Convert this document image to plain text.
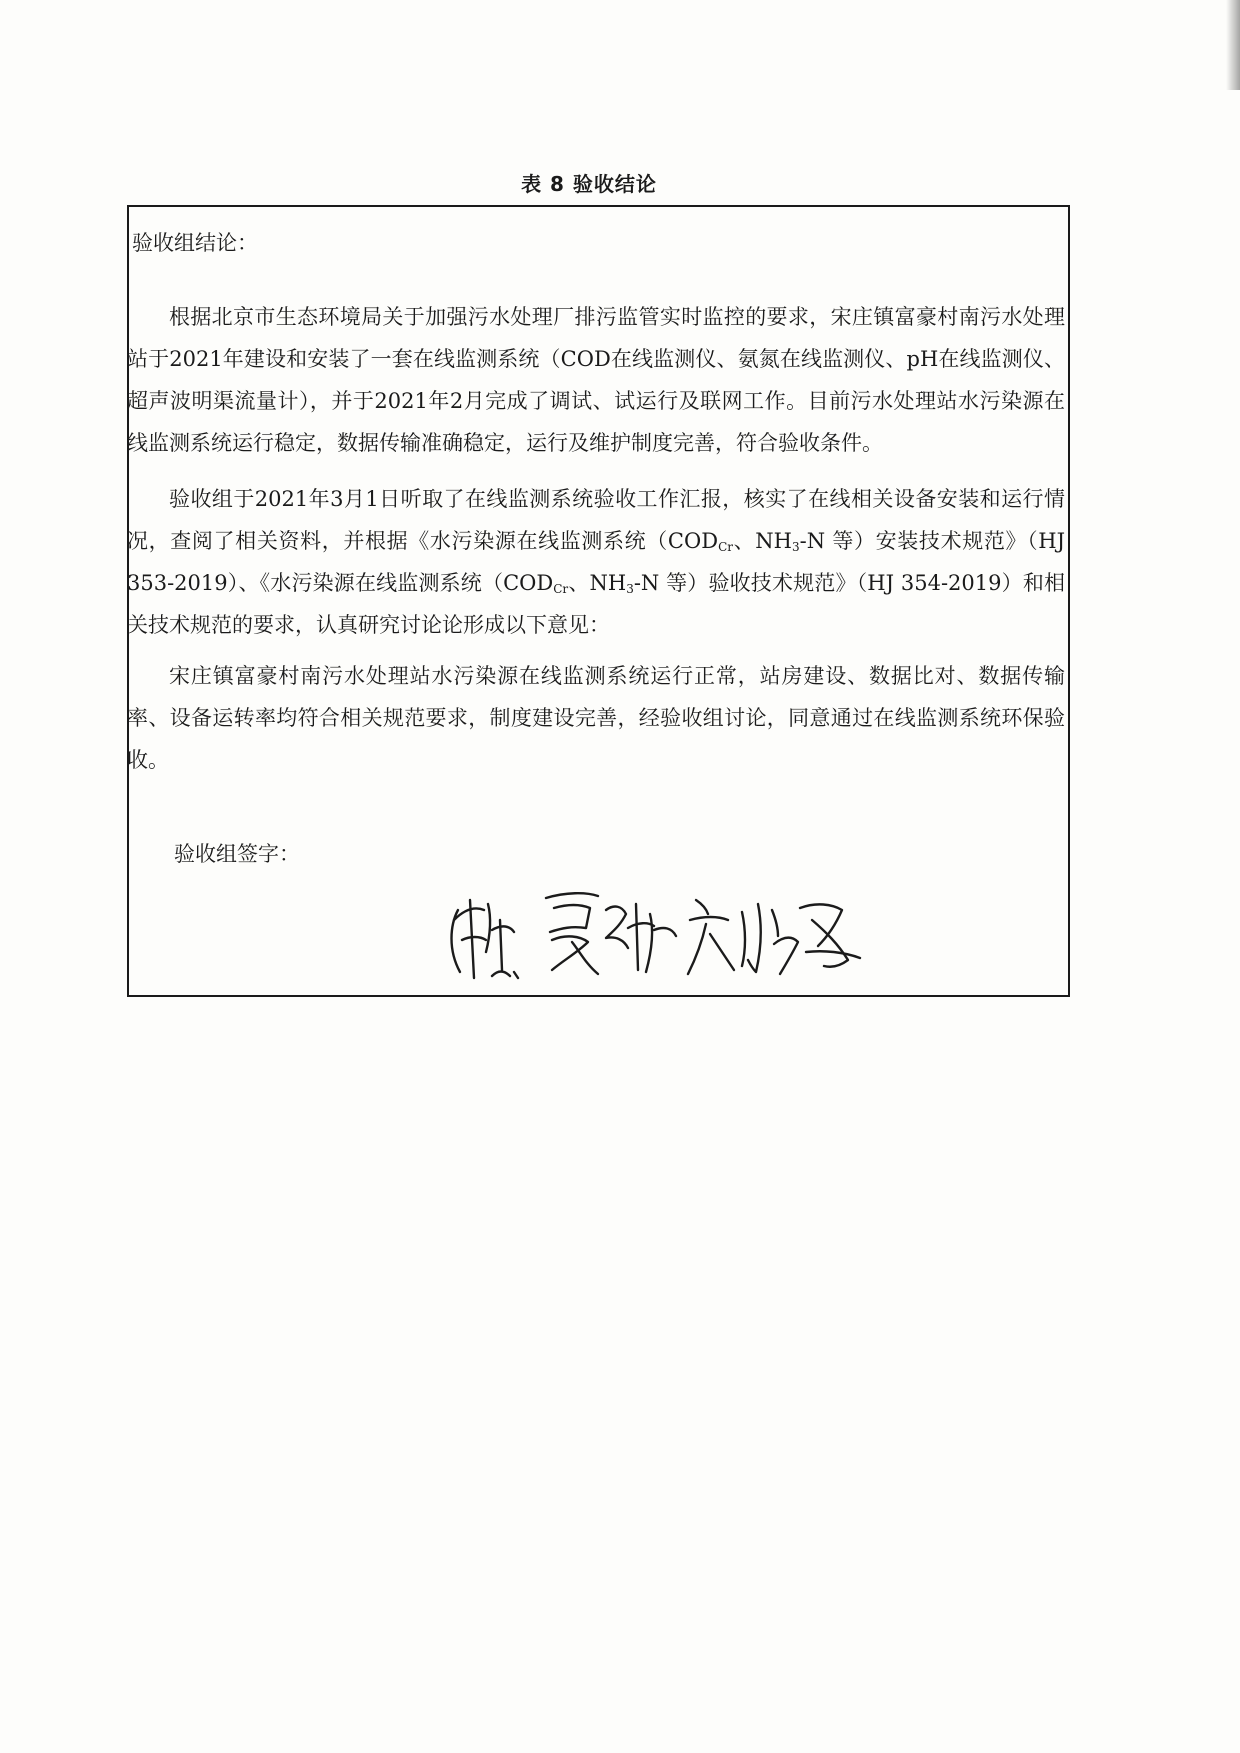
表 8 验收结论
验收组结论：

根据北京市生态环境局关于加强污水处理厂排污监管实时监控的要求，宋庄镇富豪村南污水处理站于2021年建设和安装了一套在线监测系统（COD在线监测仪、氨氮在线监测仪、pH在线监测仪、超声波明渠流量计），并于2021年2月完成了调试、试运行及联网工作。目前污水处理站水污染源在线监测系统运行稳定，数据传输准确稳定，运行及维护制度完善，符合验收条件。

验收组于2021年3月1日听取了在线监测系统验收工作汇报，核实了在线相关设备安装和运行情况，查阅了相关资料，并根据《水污染源在线监测系统（$COD_{Cr}$、$NH_3-N$ 等）安装技术规范》（HJ 353-2019）、《水污染源在线监测系统（$COD_{Cr}$、$NH_3-N$ 等）验收技术规范》（HJ 354-2019）和相关技术规范的要求，认真研究讨论论形成以下意见：

宋庄镇富豪村南污水处理站水污染源在线监测系统运行正常，站房建设、数据比对、数据传输率、设备运转率均符合相关规范要求，制度建设完善，经验收组讨论，同意通过在线监测系统环保验收。

验收组签字：
